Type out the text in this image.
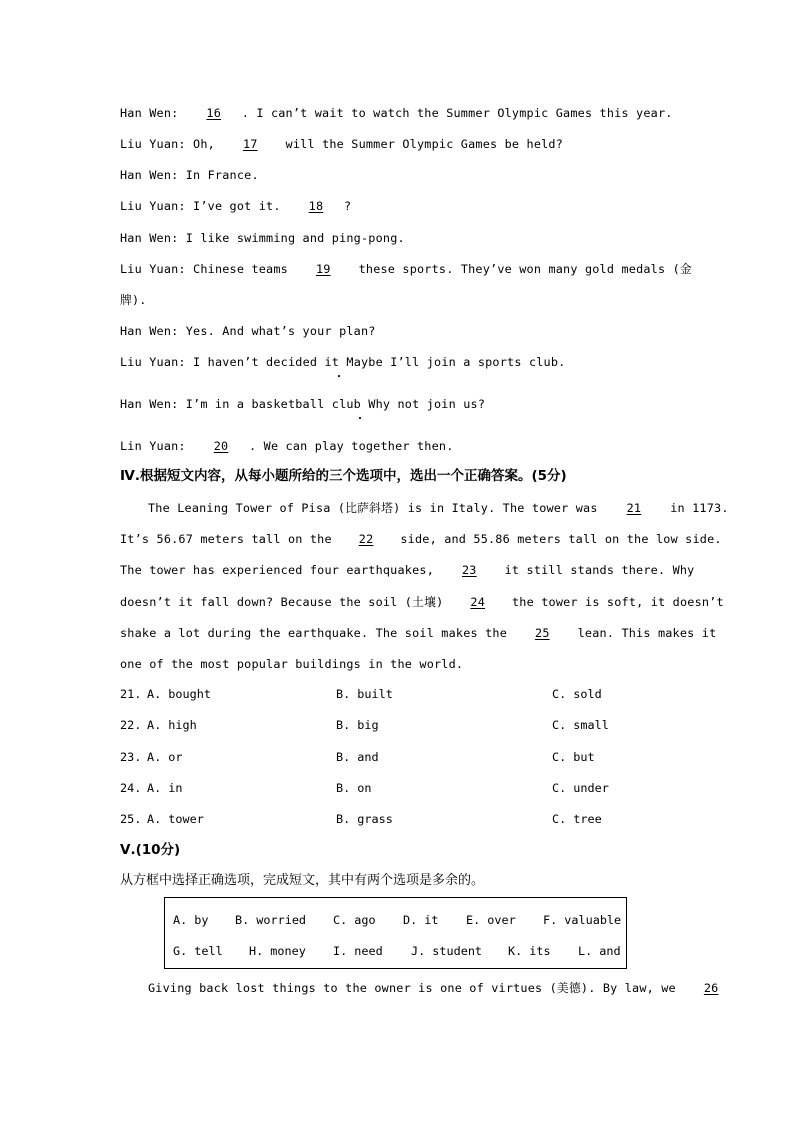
Han Wen: 16 . I can’t wait to watch the Summer Olympic Games this year.
Liu Yuan: Oh, 17 will the Summer Olympic Games be held?
Han Wen: In France.
Liu Yuan: I’ve got it. 18 ?
Han Wen: I like swimming and ping-pong.
Liu Yuan: Chinese teams 19 these sports. They’ve won many gold medals (金
牌).
Han Wen: Yes. And what’s your plan?
Liu Yuan: I haven’t decided it Maybe I’ll join a sports club.
Han Wen: I’m in a basketball club Why not join us?
Lin Yuan: 20 . We can play together then.
Ⅳ.根据短文内容，从每小题所给的三个选项中，选出一个正确答案。(5分)
The Leaning Tower of Pisa (比萨斜塔) is in Italy. The tower was 21 in 1173.
It’s 56.67 meters tall on the 22 side, and 55.86 meters tall on the low side.
The tower has experienced four earthquakes, 23 it still stands there. Why
doesn’t it fall down? Because the soil (土壤) 24 the tower is soft, it doesn’t
shake a lot during the earthquake. The soil makes the 25 lean. This makes it
one of the most popular buildings in the world.
21. A. bought	B. built	C. sold
22. A. high	B. big	C. small
23. A. or	B. and	C. but
24. A. in	B. on	C. under
25. A. tower	B. grass	C. tree
Ⅴ.(10分)
从方框中选择正确选项，完成短文，其中有两个选项是多余的。
A. by B. worried C. ago D. it E. over F. valuable
G. tell H. money I. need J. student K. its L. and
Giving back lost things to the owner is one of virtues (美德). By law, we 26
